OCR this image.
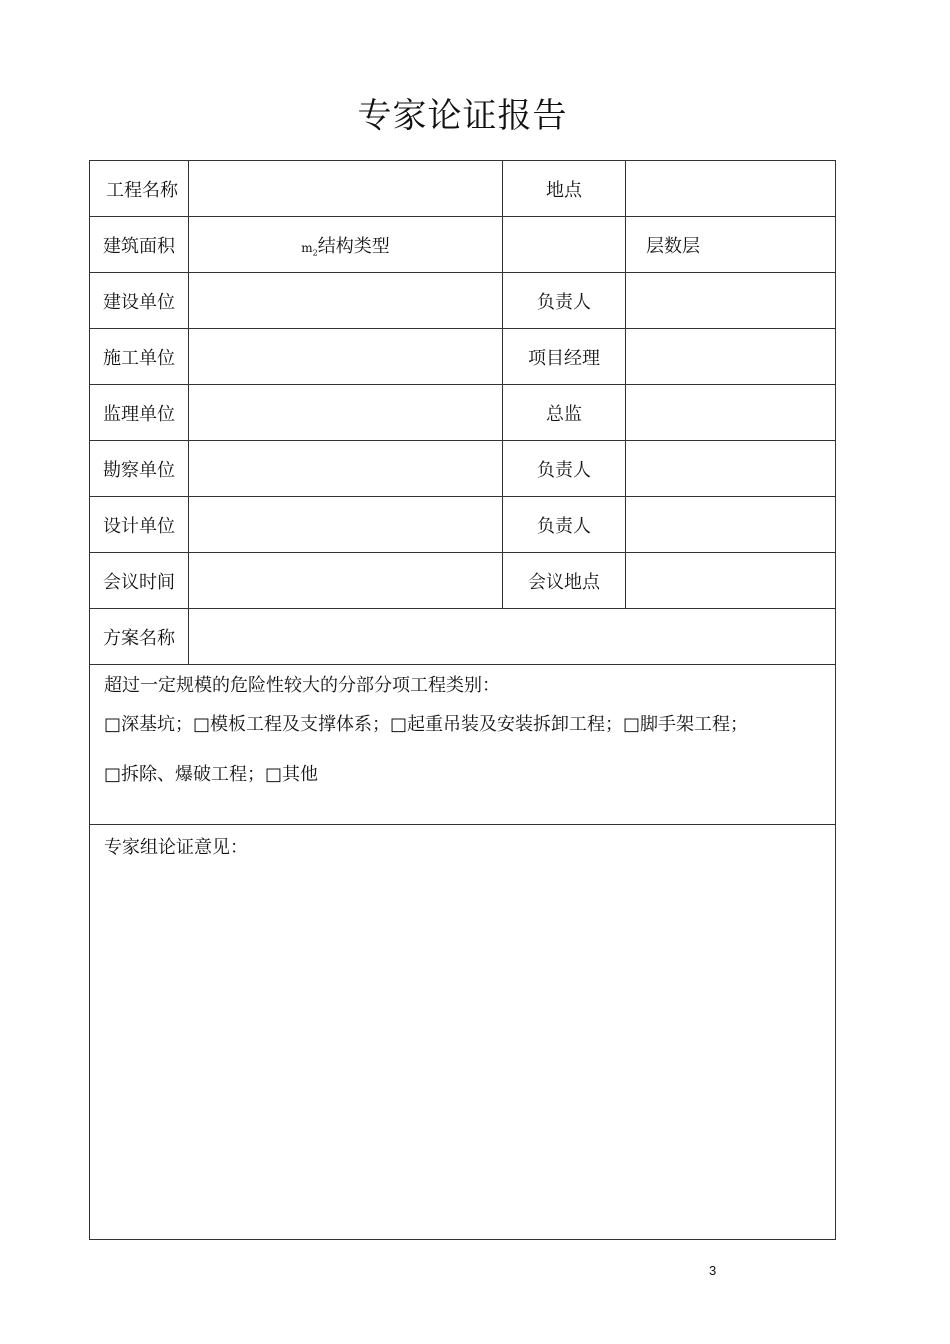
专家论证报告
工程名称		地点	
建筑面积	$m_2$结构类型		层数层
建设单位		负责人	
施工单位		项目经理	
监理单位		总监	
勘察单位		负责人	
设计单位		负责人	
会议时间		会议地点	
方案名称			

超过一定规模的危险性较大的分部分项工程类别：
□深基坑；□模板工程及支撑体系；□起重吊装及安装拆卸工程；□脚手架工程；
□拆除、爆破工程；□其他			

专家组论证意见：			
3
